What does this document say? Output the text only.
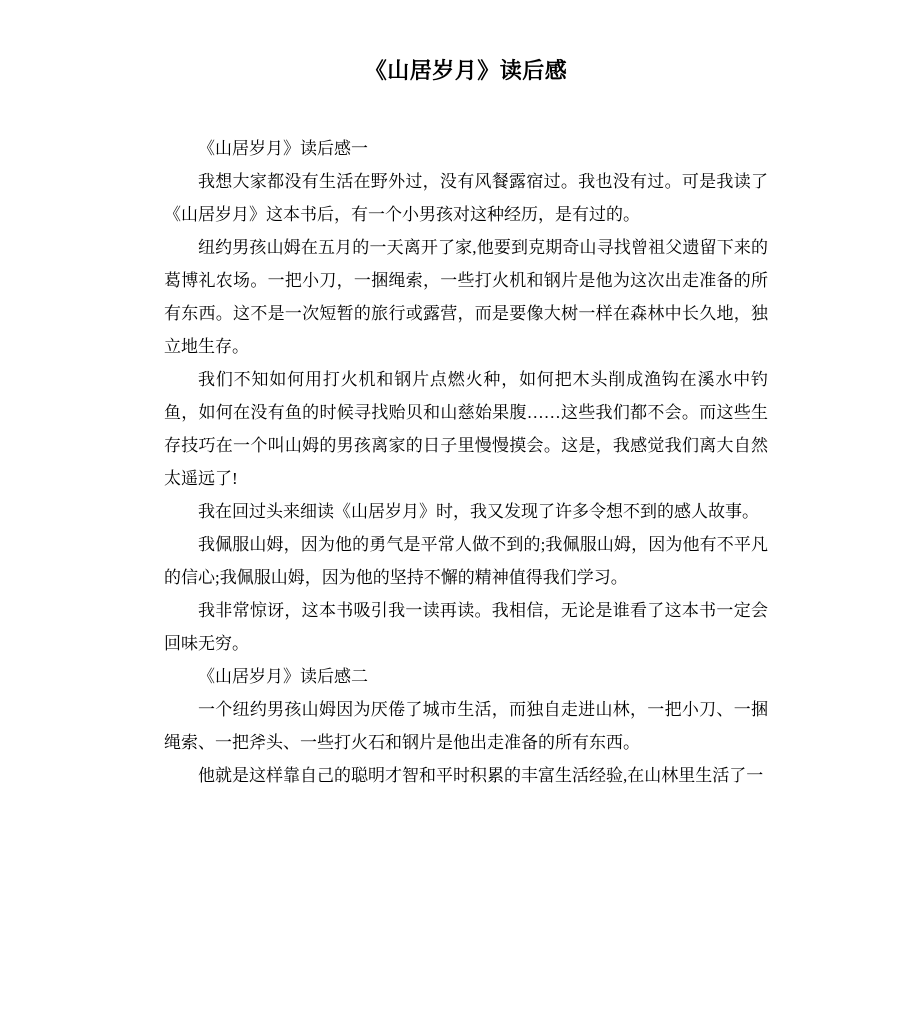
《山居岁月》读后感

《山居岁月》读后感一

我想大家都没有生活在野外过，没有风餐露宿过。我也没有过。可是我读了《山居岁月》这本书后，有一个小男孩对这种经历，是有过的。

纽约男孩山姆在五月的一天离开了家,他要到克期奇山寻找曾祖父遗留下来的葛博礼农场。一把小刀，一捆绳索，一些打火机和钢片是他为这次出走准备的所有东西。这不是一次短暂的旅行或露营，而是要像大树一样在森林中长久地，独立地生存。

我们不知如何用打火机和钢片点燃火种，如何把木头削成渔钩在溪水中钓鱼，如何在没有鱼的时候寻找贻贝和山慈始果腹……这些我们都不会。而这些生存技巧在一个叫山姆的男孩离家的日子里慢慢摸会。这是，我感觉我们离大自然太遥远了!

我在回过头来细读《山居岁月》时，我又发现了许多令想不到的感人故事。

我佩服山姆，因为他的勇气是平常人做不到的;我佩服山姆，因为他有不平凡的信心;我佩服山姆，因为他的坚持不懈的精神值得我们学习。

我非常惊讶，这本书吸引我一读再读。我相信，无论是谁看了这本书一定会回味无穷。

《山居岁月》读后感二

一个纽约男孩山姆因为厌倦了城市生活，而独自走进山林，一把小刀、一捆绳索、一把斧头、一些打火石和钢片是他出走准备的所有东西。

他就是这样靠自己的聪明才智和平时积累的丰富生活经验,在山林里生活了一
